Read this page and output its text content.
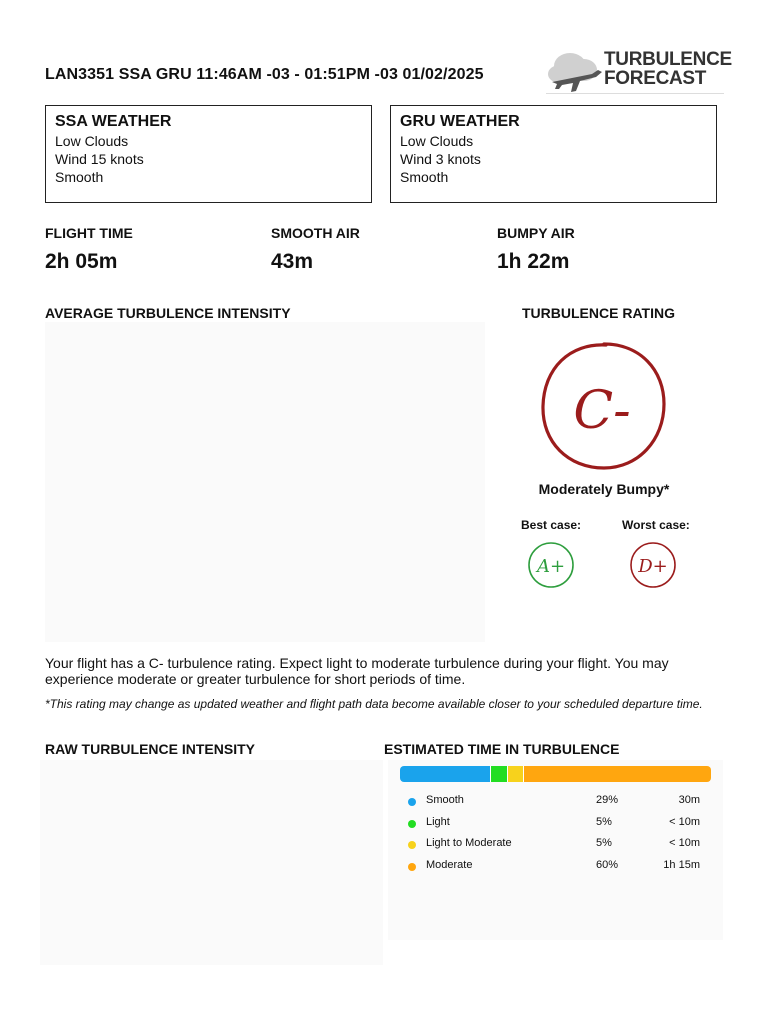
LAN3351 SSA GRU 11:46AM -03 - 01:51PM -03 01/02/2025
TURBULENCE
FORECAST
SSA WEATHER
Low Clouds
Wind 15 knots
Smooth
GRU WEATHER
Low Clouds
Wind 3 knots
Smooth
FLIGHT TIME
2h 05m
SMOOTH AIR
43m
BUMPY AIR
1h 22m
AVERAGE TURBULENCE INTENSITY	TURBULENCE RATING
C-
Moderately Bumpy*
Best case:	Worst case:
A+	D+
Your flight has a C- turbulence rating. Expect light to moderate turbulence during your flight. You may experience moderate or greater turbulence for short periods of time.
*This rating may change as updated weather and flight path data become available closer to your scheduled departure time.
RAW TURBULENCE INTENSITY	ESTIMATED TIME IN TURBULENCE
Smooth	29%	30m
Light	5%	< 10m
Light to Moderate	5%	< 10m
Moderate	60%	1h 15m
